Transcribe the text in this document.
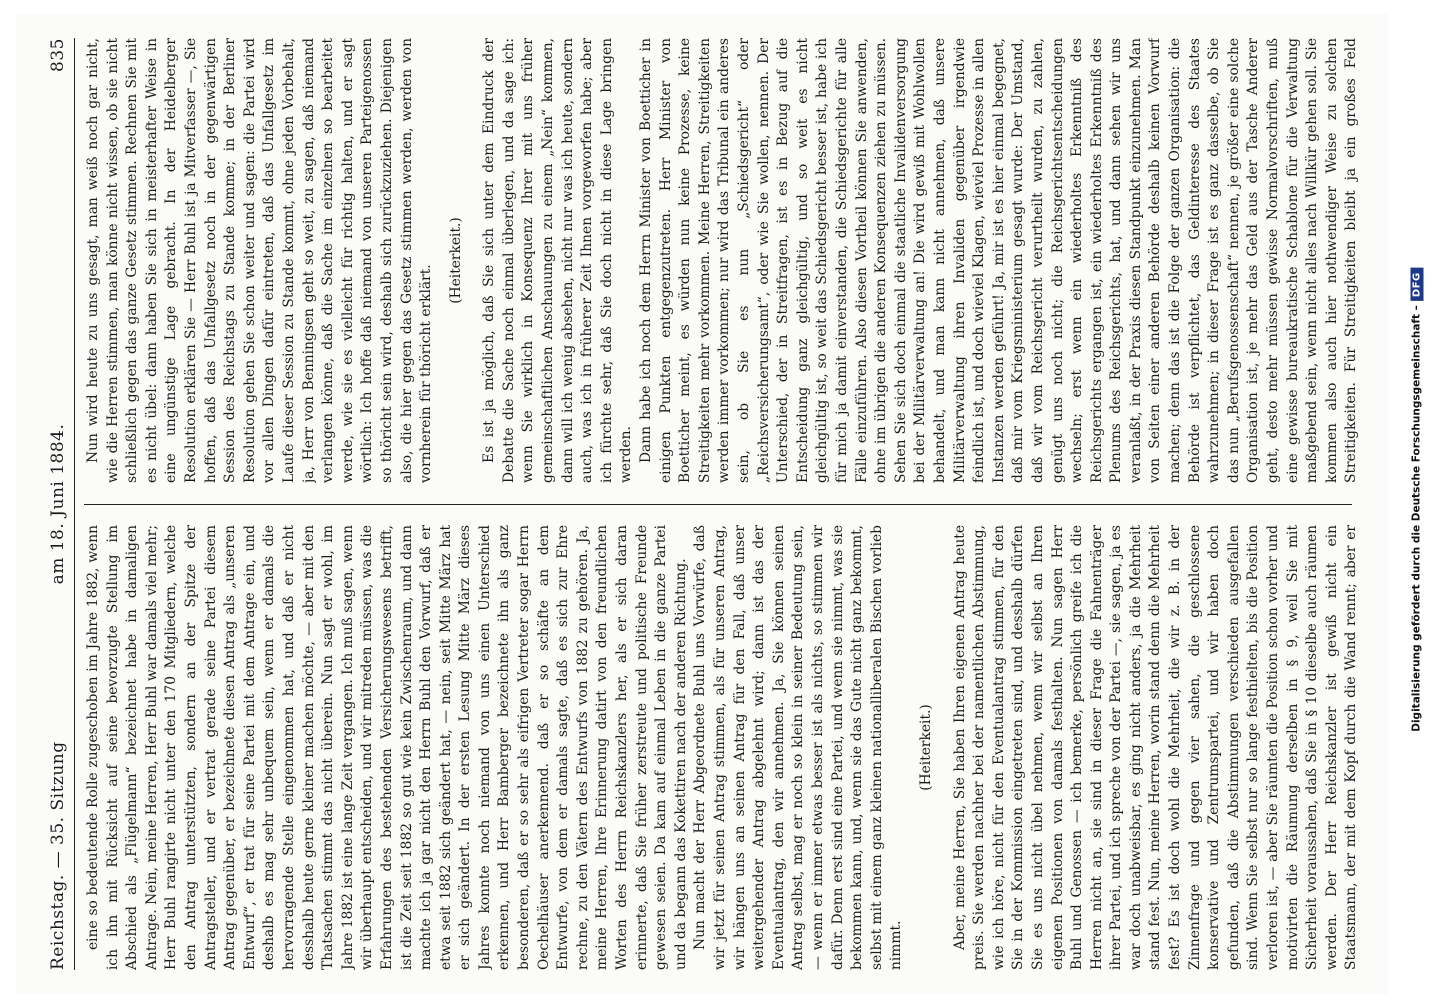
Reichstag. — 35. Sitzung
am 18. Juni 1884.
835

eine so bedeutende Rolle zugeschoben im Jahre 1882, wenn ich ihn mit Rücksicht auf seine bevorzugte Stellung im Abschied als „Flügelmann“ bezeichnet habe in damaligen Antrage. Nein, meine Herren, Herr Buhl war damals viel mehr; Herr Buhl rangirte nicht unter den 170 Mitgliedern, welche den Antrag unterstützten, sondern an der Spitze der Antragsteller, und er vertrat gerade seine Partei diesem Antrag gegenüber, er bezeichnete diesen Antrag als „unseren Entwurf“, er trat für seine Partei mit dem Antrage ein, und deshalb es mag sehr unbequem sein, wenn er damals die hervorragende Stelle eingenommen hat, und daß er nicht desshalb heute gerne kleiner machen möchte, — aber mit den Thatsachen stimmt das nicht überein. Nun sagt er wohl, im Jahre 1882 ist eine lange Zeit vergangen. Ich muß sagen, wenn wir überhaupt entscheiden, und wir mitreden müssen, was die Erfahrungen des bestehenden Versicherungswesens betrifft, ist die Zeit seit 1882 so gut wie kein Zwischenraum, und dann machte ich ja gar nicht den Herrn Buhl den Vorwurf, daß er etwa seit 1882 sich geändert hat, — nein, seit Mitte März hat er sich geändert. In der ersten Lesung Mitte März dieses Jahres konnte noch niemand von uns einen Unterschied erkennen, und Herr Bamberger bezeichnete ihn als ganz besonderen, daß er so sehr als eifrigen Vertreter sogar Herrn Oechelhäuser anerkennend. daß er so schäfte an dem Entwurfe, von dem er damals sagte, daß es sich zur Ehre rechne, zu den Vätern des Entwurfs von 1882 zu gehören. Ja, meine Herren, Ihre Erinnerung datirt von den freundlichen Worten des Herrn Reichskanzlers her, als er sich daran erinnerte, daß Sie früher zerstreute und politische Freunde gewesen seien. Da kam auf einmal Leben in die ganze Partei und da begann das Kokettiren nach der anderen Richtung. Nun macht der Herr Abgeordnete Buhl uns Vorwürfe, daß wir jetzt für seinen Antrag stimmen, als für unseren Antrag, wir hängen uns an seinen Antrag für den Fall, daß unser weitergehender Antrag abgelehnt wird; dann ist das der Eventualantrag, den wir annehmen. Ja, Sie können seinen Antrag selbst, mag er noch so klein in seiner Bedeutung sein, — wenn er immer etwas besser ist als nichts, so stimmen wir dafür. Denn erst sind eine Partei, und wenn sie nimmt, was sie bekommen kann, und, wenn sie das Gute nicht ganz bekommt, selbst mit einem ganz kleinen nationalliberalen Bischen vorlieb nimmt.

(Heiterkeit.)

Aber, meine Herren, Sie haben Ihren eigenen Antrag heute preis. Sie werden nachher bei der namentlichen Abstimmung, wie ich höre, nicht für den Eventualantrag stimmen, für den Sie in der Kommission eingetreten sind, und desshalb dürfen Sie es uns nicht übel nehmen, wenn wir selbst an Ihren eigenen Positionen von damals festhalten. Nun sagen Herr Buhl und Genossen — ich bemerke, persönlich greife ich die Herren nicht an, sie sind in dieser Frage die Fahnenträger ihrer Partei, und ich spreche von der Partei —, sie sagen, ja es war doch unabweisbar, es ging nicht anders, ja die Mehrheit stand fest. Nun, meine Herren, worin stand denn die Mehrheit fest? Es ist doch wohl die Mehrheit, die wir z. B. in der Zinnenfrage und gegen vier sahen, die geschlossene konservative und Zentrumspartei, und wir haben doch gefunden, daß die Abstimmungen verschieden ausgefallen sind. Wenn Sie selbst nur so lange festhielten, bis die Position verloren ist, — aber Sie räumten die Position schon vorher und motivirten die Räumung derselben in § 9, weil Sie mit Sicherheit voraussahen, daß Sie in § 10 dieselbe auch räumen werden. Der Herr Reichskanzler ist gewiß nicht ein Staatsmann, der mit dem Kopf durch die Wand rennt; aber er

Nun wird heute zu uns gesagt, man weiß noch gar nicht, wie die Herren stimmen, man könne nicht wissen, ob sie nicht schließlich gegen das ganze Gesetz stimmen. Rechnen Sie mit es nicht übel: dann haben Sie sich in meisterhafter Weise in eine ungünstige Lage gebracht. In der Heidelberger Resolution erklären Sie — Herr Buhl ist ja Mitverfasser —, Sie hoffen, daß das Unfallgesetz noch in der gegenwärtigen Session des Reichstags zu Stande komme; in der Berliner Resolution gehen Sie schon weiter und sagen: die Partei wird vor allen Dingen dafür eintreten, daß das Unfallgesetz im Laufe dieser Session zu Stande kommt, ohne jeden Vorbehalt, ja, Herr von Benningsen geht so weit, zu sagen, daß niemand verlangen könne, daß die Sache im einzelnen so bearbeitet werde, wie sie es vielleicht für richtig halten, und er sagt wörtlich: Ich hoffe daß niemand von unseren Parteigenossen so thöricht sein wird, deshalb sich zurückzuziehen. Diejenigen also, die hier gegen das Gesetz stimmen werden, werden von vornherein für thöricht erklärt.

(Heiterkeit.) Es ist ja möglich, daß Sie sich unter dem Eindruck der Debatte die Sache noch einmal überlegen, und da sage ich: wenn Sie wirklich in Konsequenz Ihrer mit uns früher gemeinschaftlichen Anschauungen zu einem „Nein“ kommen, dann will ich wenig absehen, nicht nur was ich heute, sondern auch, was ich in früherer Zeit Ihnen vorgeworfen habe; aber ich fürchte sehr, daß Sie doch nicht in diese Lage bringen werden. Dann habe ich noch dem Herrn Minister von Boetticher in einigen Punkten entgegenzutreten. Herr Minister von Boetticher meint, es würden nun keine Prozesse, keine Streitigkeiten mehr vorkommen. Meine Herren, Streitigkeiten werden immer vorkommen; nur wird das Tribunal ein anderes sein, ob Sie es nun „Schiedsgericht“ oder „Reichsversicherungsamt“, oder wie Sie wollen, nennen. Der Unterschied, der in Streitfragen, ist es in Bezug auf die Entscheidung ganz gleichgültig, und so weit es nicht gleichgültig ist, so weit das Schiedsgericht besser ist, habe ich für mich ja damit einverstanden, die Schiedsgerichte für alle Fälle einzuführen. Also diesen Vortheil können Sie anwenden, ohne im übrigen die anderen Konsequenzen ziehen zu müssen. Sehen Sie sich doch einmal die staatliche Invalidenversorgung bei der Militärverwaltung an! Die wird gewiß mit Wohlwollen behandelt, und man kann nicht annehmen, daß unsere Militärverwaltung ihren Invaliden gegenüber irgendwie feindlich ist, und doch wieviel Klagen, wieviel Prozesse in allen Instanzen werden geführt! Ja, mir ist es hier einmal begegnet, daß mir vom Kriegsministerium gesagt wurde: Der Umstand, daß wir vom Reichsgericht verurtheilt wurden, zu zahlen, genügt uns noch nicht; die Reichsgerichtsentscheidungen wechseln; erst wenn ein wiederholtes Erkenntniß des Reichsgerichts ergangen ist, ein wiederholtes Erkenntniß des Plenums des Reichsgerichts, hat, und dann sehen wir uns veranlaßt, in der Praxis diesen Standpunkt einzunehmen. Man von Seiten einer anderen Behörde deshalb keinen Vorwurf machen; denn das ist die Folge der ganzen Organisation: die Behörde ist verpflichtet, das Geldinteresse des Staates wahrzunehmen; in dieser Frage ist es ganz dasselbe, ob Sie das nun „Berufsgenossenschaft“ nennen, je größer eine solche Organisation ist, je mehr das Geld aus der Tasche Anderer geht, desto mehr müssen gewisse Normalvorschriften, muß eine gewisse bureaukratische Schablone für die Verwaltung maßgebend sein, wenn nicht alles nach Willkür gehen soll. Sie kommen also auch hier nothwendiger Weise zu solchen Streitigkeiten. Für Streitigkeiten bleibt ja ein großes Feld

Digitalisierung gefördert durch die Deutsche Forschungsgemeinschaft –DFG
